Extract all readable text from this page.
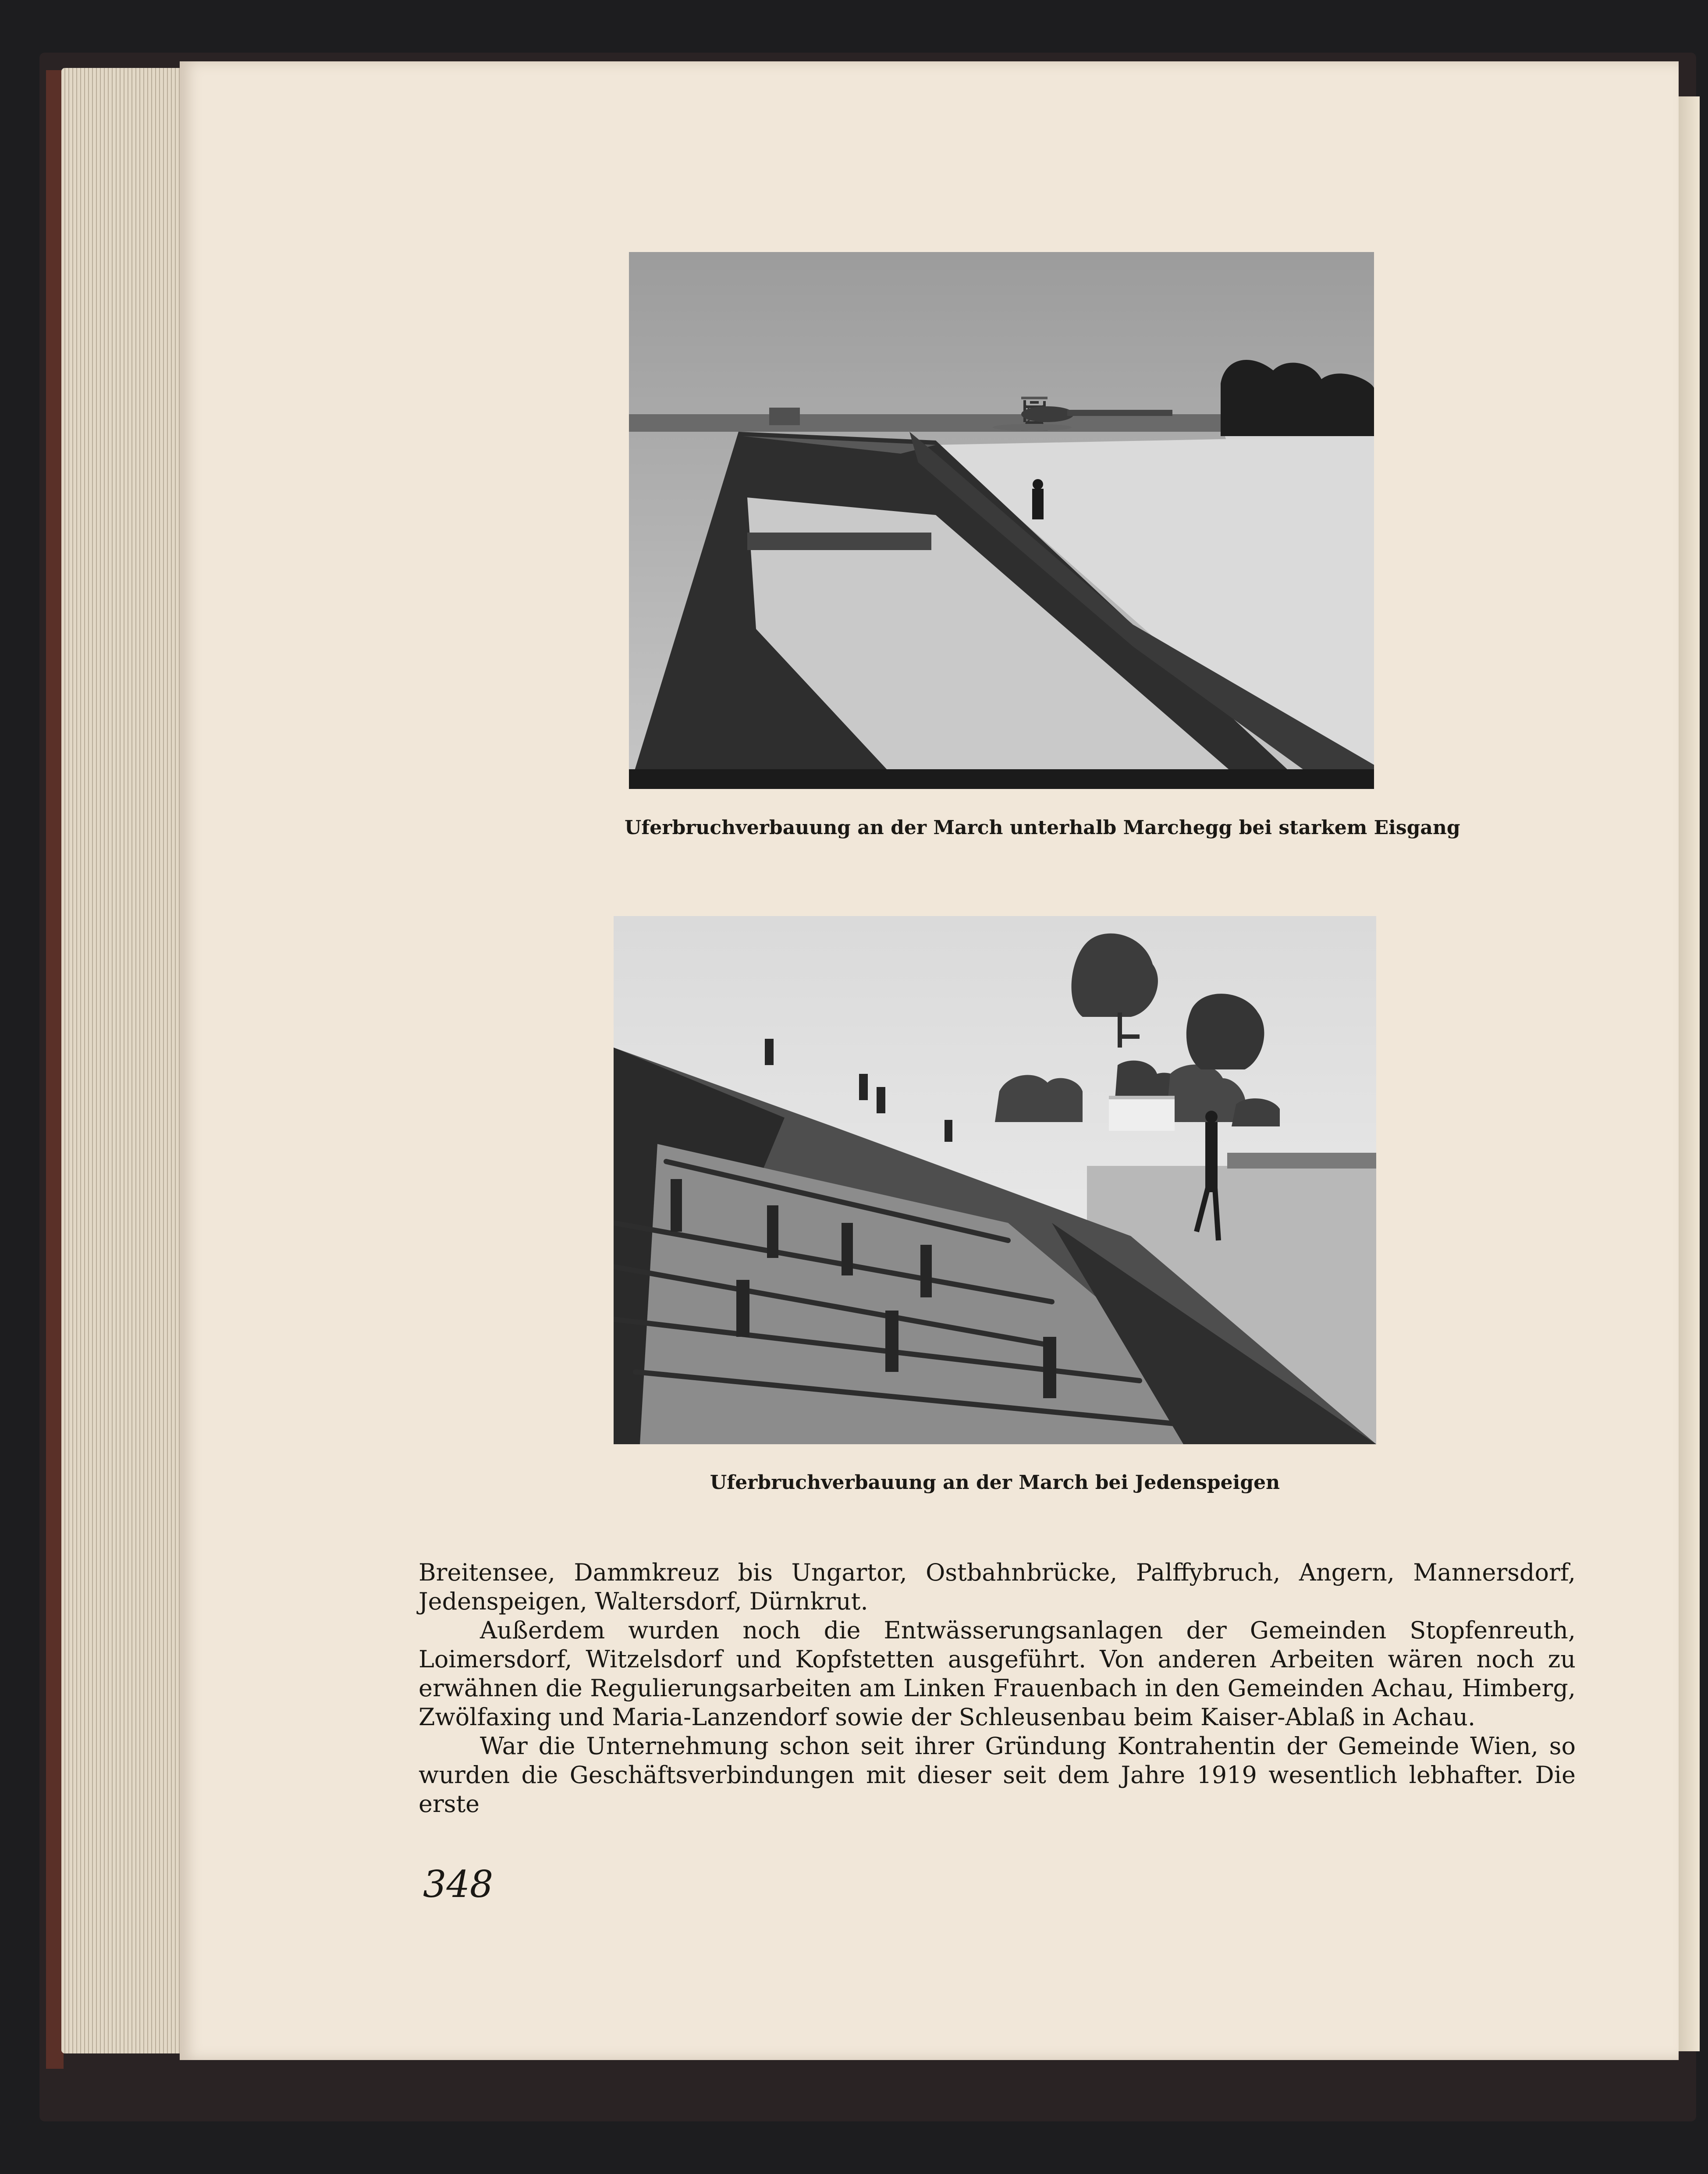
Uferbruchverbauung an der March unterhalb Marchegg bei starkem Eisgang
Uferbruchverbauung an der March bei Jedenspeigen

Breitensee, Dammkreuz bis Ungartor, Ostbahnbrücke, Palffybruch, Angern, Mannersdorf, Jedenspeigen, Waltersdorf, Dürnkrut.

Außerdem wurden noch die Entwässerungsanlagen der Gemeinden Stopfenreuth, Loimersdorf, Witzelsdorf und Kopfstetten ausgeführt. Von anderen Arbeiten wären noch zu erwähnen die Regulierungsarbeiten am Linken Frauenbach in den Gemeinden Achau, Himberg, Zwölfaxing und Maria-Lanzendorf sowie der Schleusenbau beim Kaiser-Ablaß in Achau.

War die Unternehmung schon seit ihrer Gründung Kontrahentin der Gemeinde Wien, so wurden die Geschäftsverbindungen mit dieser seit dem Jahre 1919 wesentlich lebhafter. Die erste

348
